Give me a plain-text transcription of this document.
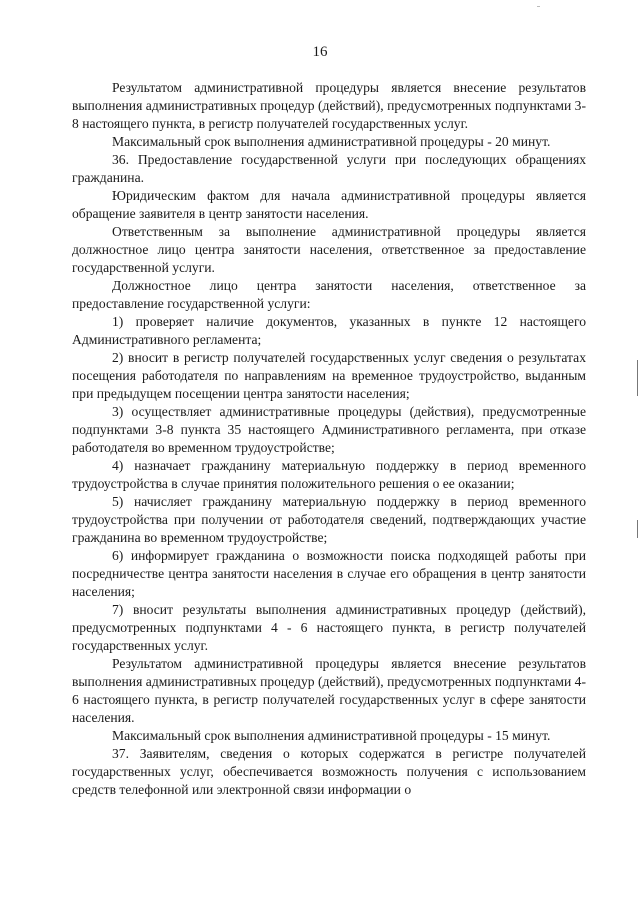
16

Результатом административной процедуры является внесение результатов выполнения административных процедур (действий), предусмотренных подпунктами 3-8 настоящего пункта, в регистр получателей государственных услуг.

Максимальный срок выполнения административной процедуры - 20 минут.

36. Предоставление государственной услуги при последующих обращениях гражданина.

Юридическим фактом для начала административной процедуры является обращение заявителя в центр занятости населения.

Ответственным за выполнение административной процедуры является должностное лицо центра занятости населения, ответственное за предоставление государственной услуги.

Должностное лицо центра занятости населения, ответственное за предоставление государственной услуги:

1) проверяет наличие документов, указанных в пункте 12 настоящего Административного регламента;

2) вносит в регистр получателей государственных услуг сведения о результатах посещения работодателя по направлениям на временное трудоустройство, выданным при предыдущем посещении центра занятости населения;

3) осуществляет административные процедуры (действия), предусмотренные подпунктами 3-8 пункта 35 настоящего Административного регламента, при отказе работодателя во временном трудоустройстве;

4) назначает гражданину материальную поддержку в период временного трудоустройства в случае принятия положительного решения о ее оказании;

5) начисляет гражданину материальную поддержку в период временного трудоустройства при получении от работодателя сведений, подтверждающих участие гражданина во временном трудоустройстве;

6) информирует гражданина о возможности поиска подходящей работы при посредничестве центра занятости населения в случае его обращения в центр занятости населения;

7) вносит результаты выполнения административных процедур (действий), предусмотренных подпунктами 4 - 6 настоящего пункта, в регистр получателей государственных услуг.

Результатом административной процедуры является внесение результатов выполнения административных процедур (действий), предусмотренных подпунктами 4-6 настоящего пункта, в регистр получателей государственных услуг в сфере занятости населения.

Максимальный срок выполнения административной процедуры - 15 минут.

37. Заявителям, сведения о которых содержатся в регистре получателей государственных услуг, обеспечивается возможность получения с использованием средств телефонной или электронной связи информации о
